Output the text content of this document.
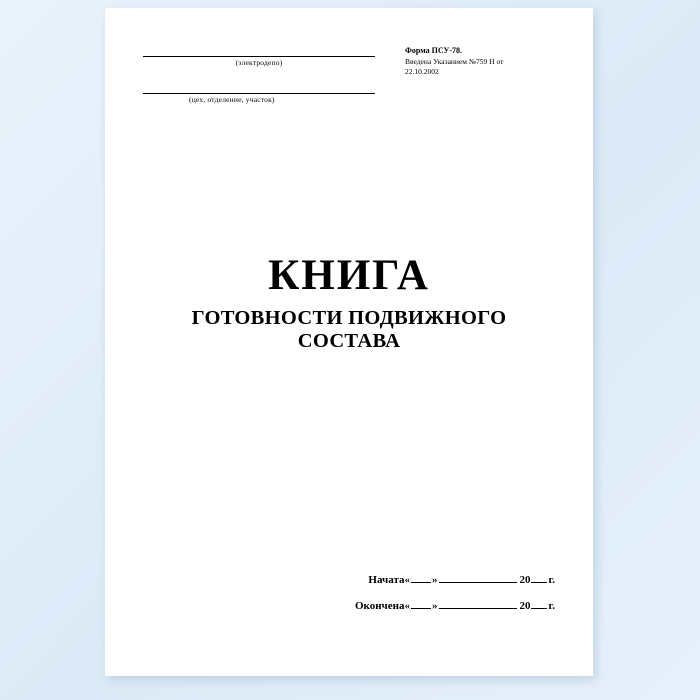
(электродепо)
(цех, отделение, участок)
Форма ПСУ-78.
Введена Указанием №759 Н от
22.10.2002
КНИГА
ГОТОВНОСТИ ПОДВИЖНОГО СОСТАВА
Начата « »	20 г.
Окончена « »	20 г.
